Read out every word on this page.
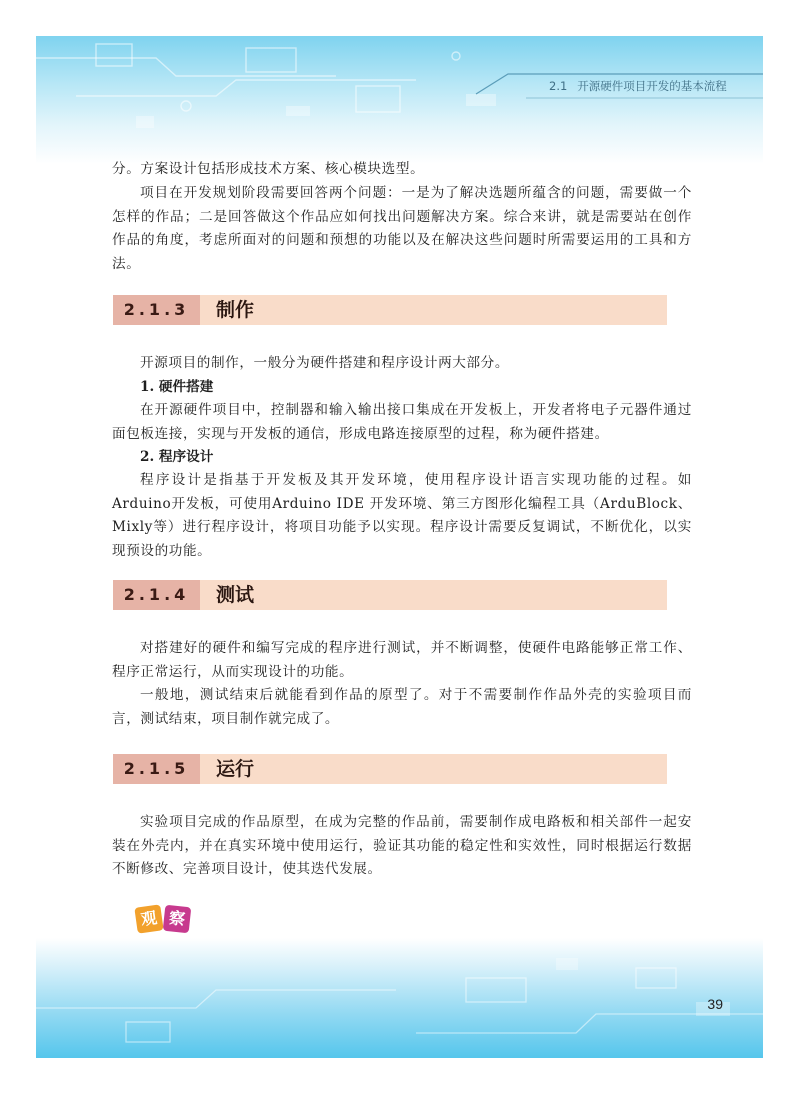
2.1 开源硬件项目开发的基本流程

分。方案设计包括形成技术方案、核心模块选型。

项目在开发规划阶段需要回答两个问题：一是为了解决选题所蕴含的问题，需要做一个怎样的作品；二是回答做这个作品应如何找出问题解决方案。综合来讲，就是需要站在创作作品的角度，考虑所面对的问题和预想的功能以及在解决这些问题时所需要运用的工具和方法。

2.1.3	制作

开源项目的制作，一般分为硬件搭建和程序设计两大部分。

1. 硬件搭建

在开源硬件项目中，控制器和输入输出接口集成在开发板上，开发者将电子元器件通过面包板连接，实现与开发板的通信，形成电路连接原型的过程，称为硬件搭建。

2. 程序设计

程序设计是指基于开发板及其开发环境，使用程序设计语言实现功能的过程。如Arduino开发板，可使用Arduino IDE 开发环境、第三方图形化编程工具（ArduBlock、Mixly等）进行程序设计，将项目功能予以实现。程序设计需要反复调试，不断优化，以实现预设的功能。

2.1.4	测试

对搭建好的硬件和编写完成的程序进行测试，并不断调整，使硬件电路能够正常工作、程序正常运行，从而实现设计的功能。

一般地，测试结束后就能看到作品的原型了。对于不需要制作作品外壳的实验项目而言，测试结束，项目制作就完成了。

2.1.5	运行

实验项目完成的作品原型，在成为完整的作品前，需要制作成电路板和相关部件一起安装在外壳内，并在真实环境中使用运行，验证其功能的稳定性和实效性，同时根据运行数据不断修改、完善项目设计，使其迭代发展。

观 察

39
